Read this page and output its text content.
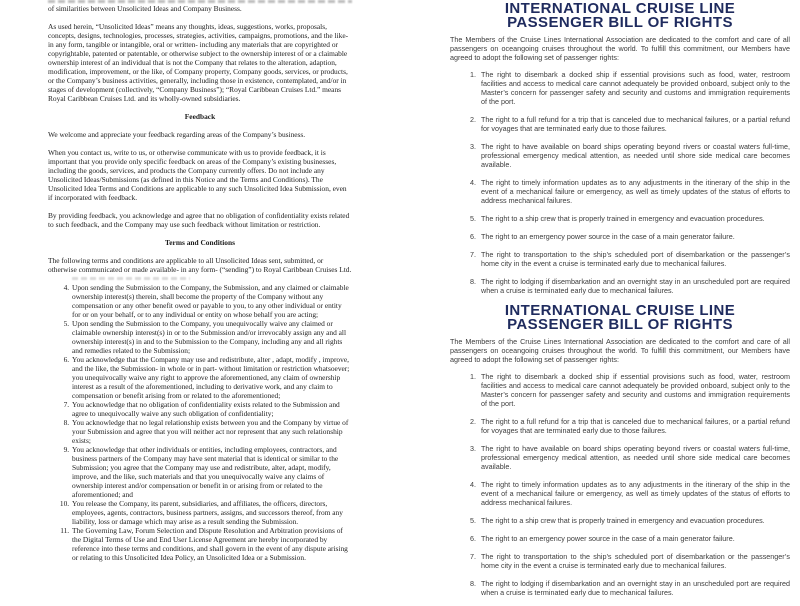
of similarities between Unsolicited Ideas and Company Business.

As used herein, “Unsolicited Ideas” means any thoughts, ideas, suggestions, works, proposals, concepts, designs, technologies, processes, strategies, activities, campaigns, promotions, and the like- in any form, tangible or intangible, oral or written- including any materials that are copyrighted or copyrightable, patented or patentable, or otherwise subject to the ownership interest of or a claimable ownership interest of an individual that is not the Company that relates to the alteration, adaption, modification, improvement, or the like, of Company property, Company goods, services, or products, or the Company’s business activities, generally, including those in existence, contemplated, and/or in stages of development (collectively, “Company Business”); “Royal Caribbean Cruises Ltd.” means Royal Caribbean Cruises Ltd. and its wholly-owned subsidiaries.

Feedback

We welcome and appreciate your feedback regarding areas of the Company’s business.

When you contact us, write to us, or otherwise communicate with us to provide feedback, it is important that you provide only specific feedback on areas of the Company’s existing businesses, including the goods, services, and products the Company currently offers. Do not include any Unsolicited Ideas/Submissions (as defined in this Notice and the Terms and Conditions). The Unsolicited Idea Terms and Conditions are applicable to any such Unsolicited Idea Submission, even if incorporated with feedback.

By providing feedback, you acknowledge and agree that no obligation of confidentiality exists related to such feedback, and the Company may use such feedback without limitation or restriction.

Terms and Conditions

The following terms and conditions are applicable to all Unsolicited Ideas sent, submitted, or otherwise communicated or made available- in any form- (“sending”) to Royal Caribbean Cruises Ltd.

4. Upon sending the Submission to the Company, the Submission, and any claimed or claimable ownership interest(s) therein, shall become the property of the Company without any compensation or any other benefit owed or payable to you, to any other individual or entity for or on your behalf, or to any individual or entity on whose behalf you are acting;
5. Upon sending the Submission to the Company, you unequivocally waive any claimed or claimable ownership interest(s) in or to the Submission and/or irrevocably assign any and all ownership interest(s) in and to the Submission to the Company, including any and all rights and remedies related to the Submission;
6. You acknowledge that the Company may use and redistribute, alter , adapt, modify , improve, and the like, the Submission- in whole or in part- without limitation or restriction whatsoever; you unequivocally waive any right to approve the aforementioned, any claim of ownership interest as a result of the aforementioned, including to derivative work, and any claim to compensation or benefit arising from or related to the aforementioned;
7. You acknowledge that no obligation of confidentiality exists related to the Submission and agree to unequivocally waive any such obligation of confidentiality;
8. You acknowledge that no legal relationship exists between you and the Company by virtue of your Submission and agree that you will neither act nor represent that any such relationship exists;
9. You acknowledge that other individuals or entities, including employees, contractors, and business partners of the Company may have sent material that is identical or similar to the Submission; you agree that the Company may use and redistribute, alter, adapt, modify, improve, and the like, such materials and that you unequivocally waive any claims of ownership interest and/or compensation or benefit in or arising from or related to the aforementioned; and
10. You release the Company, its parent, subsidiaries, and affiliates, the officers, directors, employees, agents, contractors, business partners, assigns, and successors thereof, from any liability, loss or damage which may arise as a result sending the Submission.
11. The Governing Law, Forum Selection and Dispute Resolution and Arbitration provisions of the Digital Terms of Use and End User License Agreement are hereby incorporated by reference into these terms and conditions, and shall govern in the event of any dispute arising or relating to this Unsolicited Idea Policy, an Unsolicited Idea or a Submission.
INTERNATIONAL CRUISE LINE
PASSENGER BILL OF RIGHTS

The Members of the Cruise Lines International Association are dedicated to the comfort and care of all passengers on oceangoing cruises throughout the world. To fulfill this commitment, our Members have agreed to adopt the following set of passenger rights:

1. The right to disembark a docked ship if essential provisions such as food, water, restroom facilities and access to medical care cannot adequately be provided onboard, subject only to the Master’s concern for passenger safety and security and customs and immigration requirements of the port.
2. The right to a full refund for a trip that is canceled due to mechanical failures, or a partial refund for voyages that are terminated early due to those failures.
3. The right to have available on board ships operating beyond rivers or coastal waters full-time, professional emergency medical attention, as needed until shore side medical care becomes available.
4. The right to timely information updates as to any adjustments in the itinerary of the ship in the event of a mechanical failure or emergency, as well as timely updates of the status of efforts to address mechanical failures.
5. The right to a ship crew that is properly trained in emergency and evacuation procedures.
6. The right to an emergency power source in the case of a main generator failure.
7. The right to transportation to the ship’s scheduled port of disembarkation or the passenger’s home city in the event a cruise is terminated early due to mechanical failures.
8. The right to lodging if disembarkation and an overnight stay in an unscheduled port are required when a cruise is terminated early due to mechanical failures.
INTERNATIONAL CRUISE LINE
PASSENGER BILL OF RIGHTS

The Members of the Cruise Lines International Association are dedicated to the comfort and care of all passengers on oceangoing cruises throughout the world. To fulfill this commitment, our Members have agreed to adopt the following set of passenger rights:

1. The right to disembark a docked ship if essential provisions such as food, water, restroom facilities and access to medical care cannot adequately be provided onboard, subject only to the Master’s concern for passenger safety and security and customs and immigration requirements of the port.
2. The right to a full refund for a trip that is canceled due to mechanical failures, or a partial refund for voyages that are terminated early due to those failures.
3. The right to have available on board ships operating beyond rivers or coastal waters full-time, professional emergency medical attention, as needed until shore side medical care becomes available.
4. The right to timely information updates as to any adjustments in the itinerary of the ship in the event of a mechanical failure or emergency, as well as timely updates of the status of efforts to address mechanical failures.
5. The right to a ship crew that is properly trained in emergency and evacuation procedures.
6. The right to an emergency power source in the case of a main generator failure.
7. The right to transportation to the ship’s scheduled port of disembarkation or the passenger’s home city in the event a cruise is terminated early due to mechanical failures.
8. The right to lodging if disembarkation and an overnight stay in an unscheduled port are required when a cruise is terminated early due to mechanical failures.
